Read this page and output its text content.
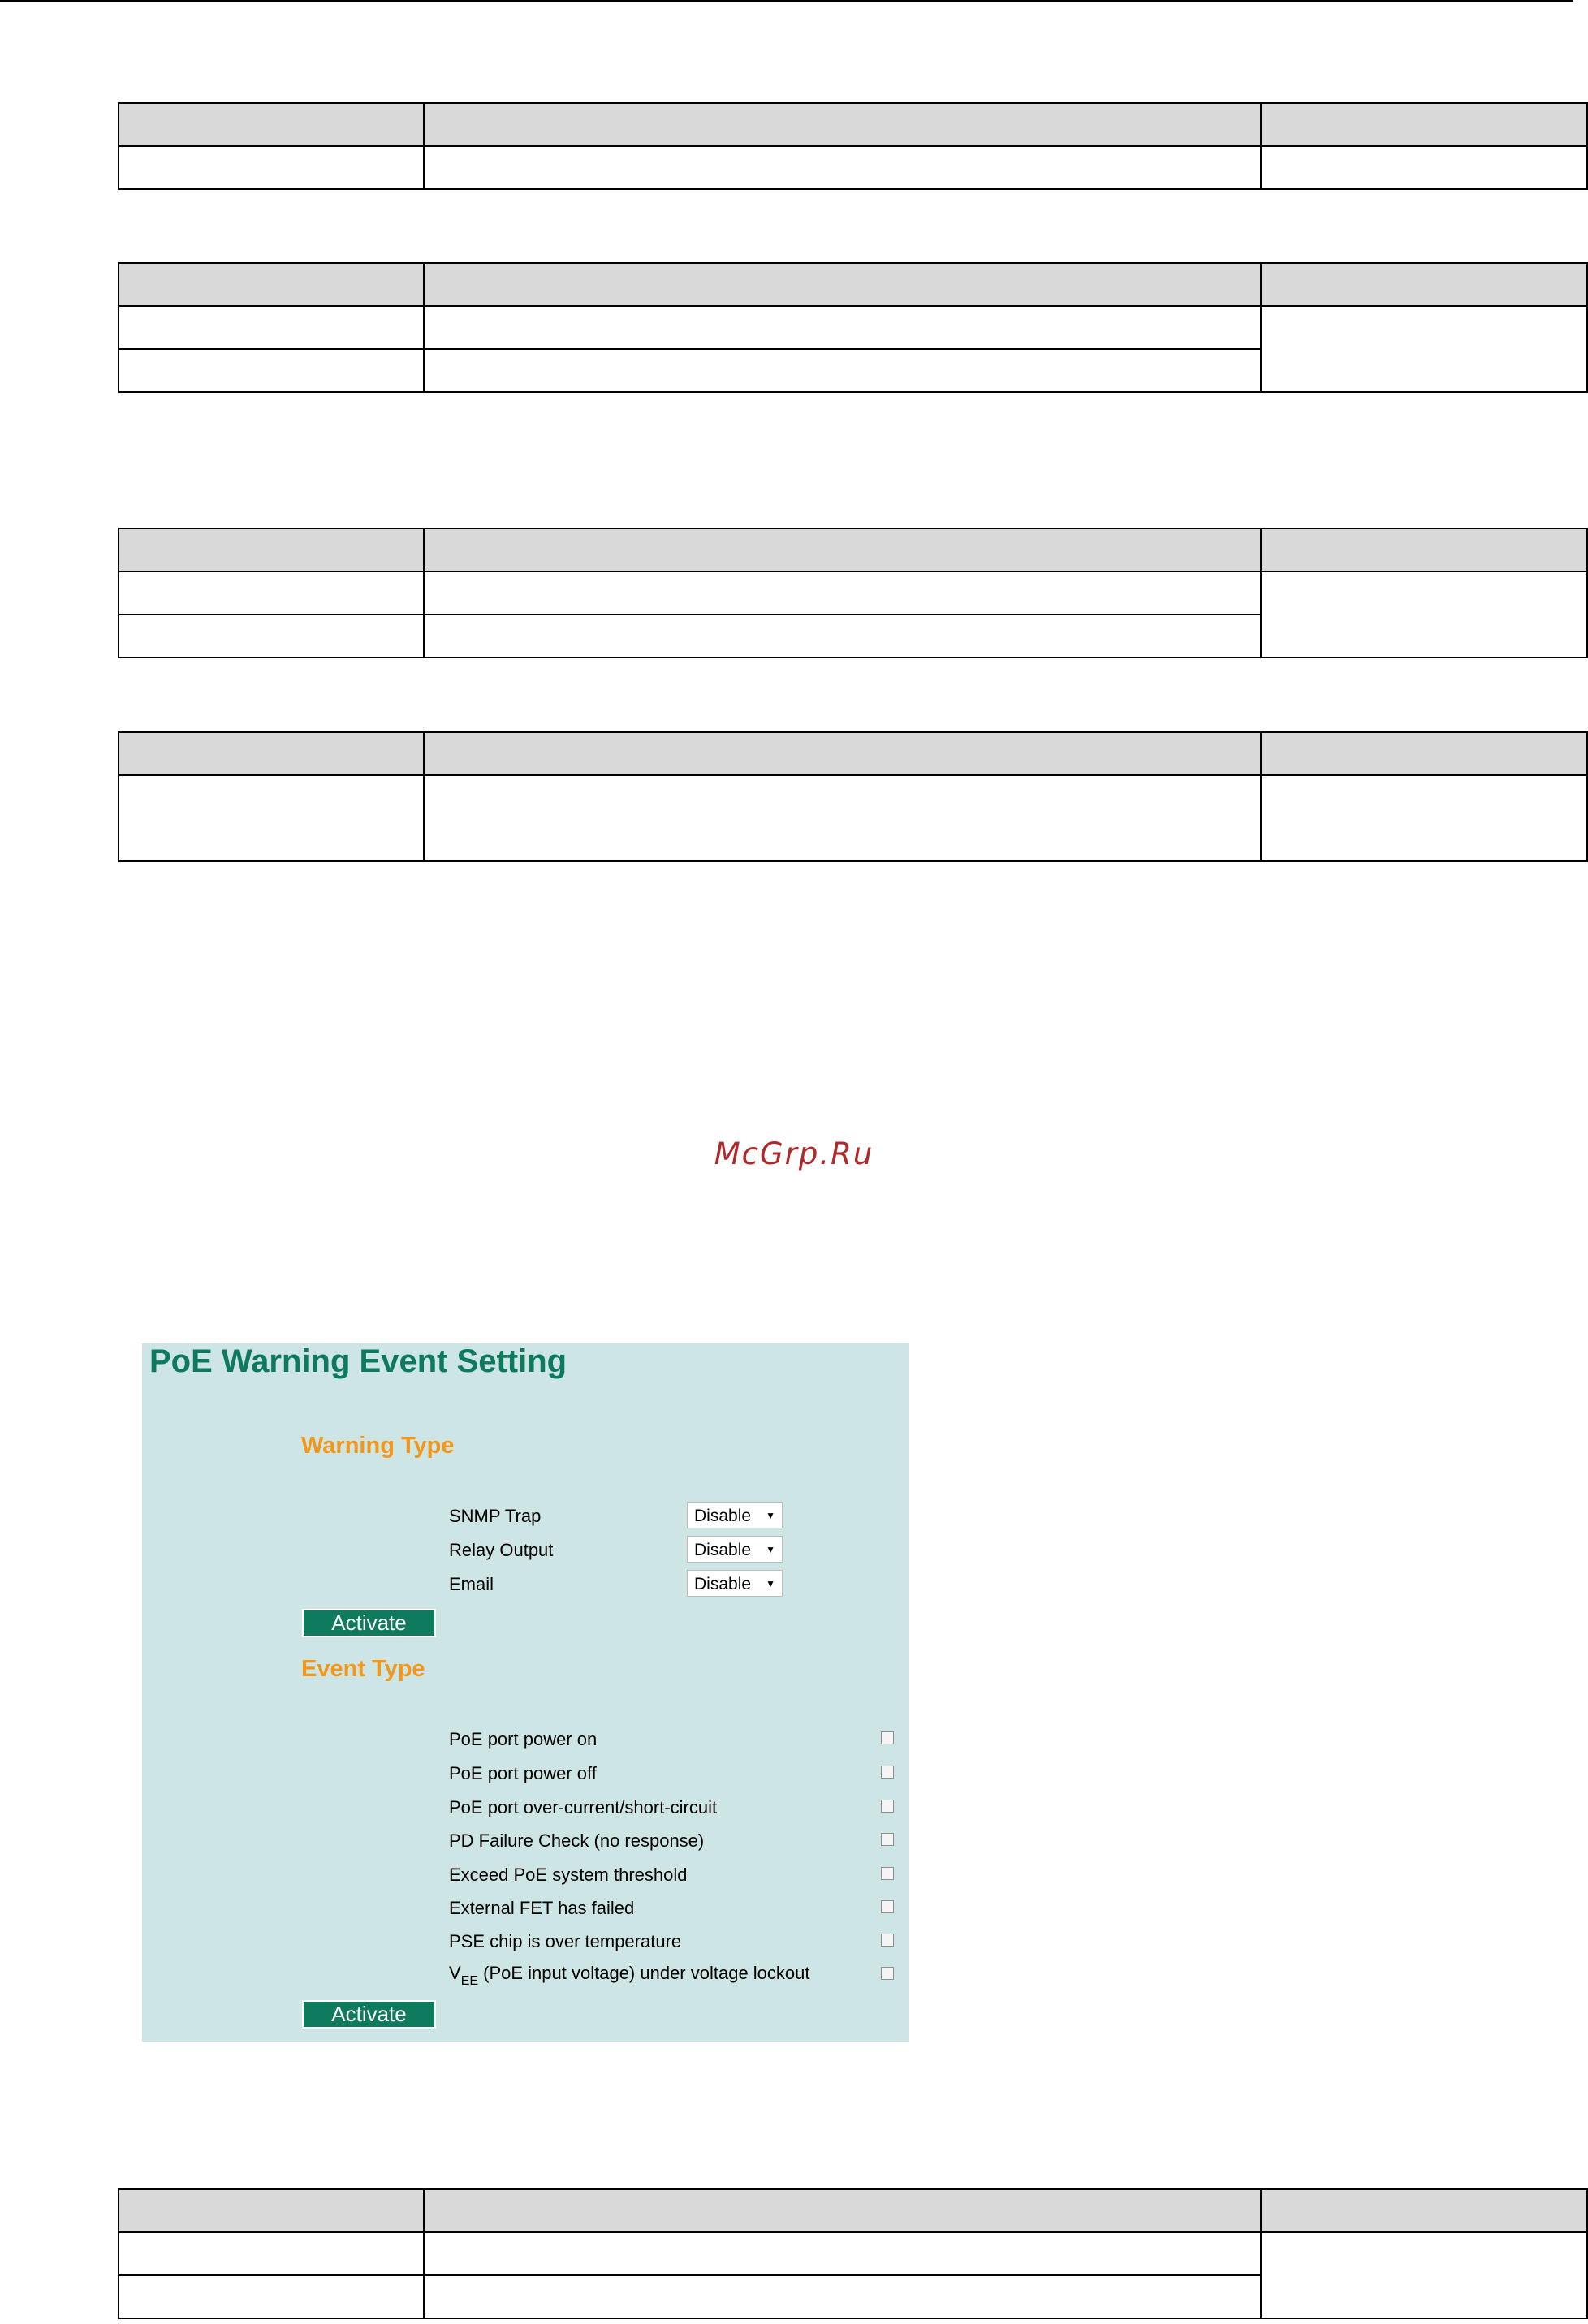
McGrp.Ru
PoE Warning Event Setting
Warning Type
SNMP Trap	Disable ▼
Relay Output	Disable ▼
Email	Disable ▼
Activate
Event Type
PoE port power on
PoE port power off
PoE port over-current/short-circuit
PD Failure Check (no response)
Exceed PoE system threshold
External FET has failed
PSE chip is over temperature
$V_{EE}$ (PoE input voltage) under voltage lockout
Activate
